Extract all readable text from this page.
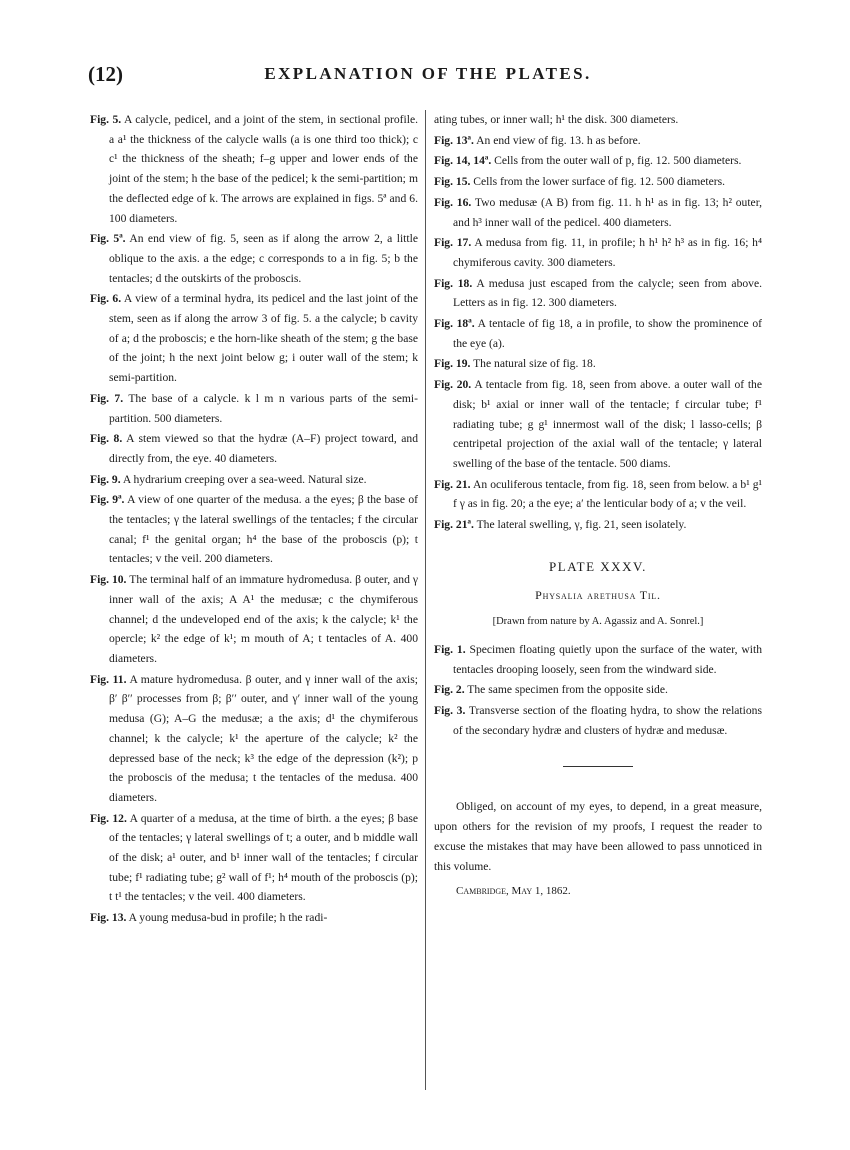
(12)	EXPLANATION OF THE PLATES.

Fig. 5. A calycle, pedicel, and a joint of the stem, in sectional profile. a a¹ the thickness of the calycle walls (a is one third too thick); c c¹ the thickness of the sheath; f–g upper and lower ends of the joint of the stem; h the base of the pedicel; k the semi-partition; m the deflected edge of k. The arrows are explained in figs. 5ª and 6. 100 diameters.

Fig. 5ª. An end view of fig. 5, seen as if along the arrow 2, a little oblique to the axis. a the edge; c corresponds to a in fig. 5; b the tentacles; d the outskirts of the proboscis.

Fig. 6. A view of a terminal hydra, its pedicel and the last joint of the stem, seen as if along the arrow 3 of fig. 5. a the calycle; b cavity of a; d the proboscis; e the horn-like sheath of the stem; g the base of the joint; h the next joint below g; i outer wall of the stem; k semi-partition.

Fig. 7. The base of a calycle. k l m n various parts of the semi-partition. 500 diameters.

Fig. 8. A stem viewed so that the hydræ (A–F) project toward, and directly from, the eye. 40 diameters.

Fig. 9. A hydrarium creeping over a sea-weed. Natural size.

Fig. 9ª. A view of one quarter of the medusa. a the eyes; β the base of the tentacles; γ the lateral swellings of the tentacles; f the circular canal; f¹ the genital organ; h⁴ the base of the proboscis (p); t tentacles; v the veil. 200 diameters.

Fig. 10. The terminal half of an immature hydromedusa. β outer, and γ inner wall of the axis; A A¹ the medusæ; c the chymiferous channel; d the undeveloped end of the axis; k the calycle; k¹ the opercle; k² the edge of k¹; m mouth of A; t tentacles of A. 400 diameters.

Fig. 11. A mature hydromedusa. β outer, and γ inner wall of the axis; β′ β′′ processes from β; β′′ outer, and γ′ inner wall of the young medusa (G); A–G the medusæ; a the axis; d¹ the chymiferous channel; k the calycle; k¹ the aperture of the calycle; k² the depressed base of the neck; k³ the edge of the depression (k²); p the proboscis of the medusa; t the tentacles of the medusa. 400 diameters.

Fig. 12. A quarter of a medusa, at the time of birth. a the eyes; β base of the tentacles; γ lateral swellings of t; a outer, and b middle wall of the disk; a¹ outer, and b¹ inner wall of the tentacles; f circular tube; f¹ radiating tube; g² wall of f¹; h⁴ mouth of the proboscis (p); t t¹ the tentacles; v the veil. 400 diameters.

Fig. 13. A young medusa-bud in profile; h the radi-

ating tubes, or inner wall; h¹ the disk. 300 diameters.

Fig. 13ª. An end view of fig. 13. h as before.

Fig. 14, 14ª. Cells from the outer wall of p, fig. 12. 500 diameters.

Fig. 15. Cells from the lower surface of fig. 12. 500 diameters.

Fig. 16. Two medusæ (A B) from fig. 11. h h¹ as in fig. 13; h² outer, and h³ inner wall of the pedicel. 400 diameters.

Fig. 17. A medusa from fig. 11, in profile; h h¹ h² h³ as in fig. 16; h⁴ chymiferous cavity. 300 diameters.

Fig. 18. A medusa just escaped from the calycle; seen from above. Letters as in fig. 12. 300 diameters.

Fig. 18ª. A tentacle of fig 18, a in profile, to show the prominence of the eye (a).

Fig. 19. The natural size of fig. 18.

Fig. 20. A tentacle from fig. 18, seen from above. a outer wall of the disk; b¹ axial or inner wall of the tentacle; f circular tube; f¹ radiating tube; g g¹ innermost wall of the disk; l lasso-cells; β centripetal projection of the axial wall of the tentacle; γ lateral swelling of the base of the tentacle. 500 diams.

Fig. 21. An oculiferous tentacle, from fig. 18, seen from below. a b¹ g¹ f γ as in fig. 20; a the eye; a′ the lenticular body of a; v the veil.

Fig. 21ª. The lateral swelling, γ, fig. 21, seen isolately.

PLATE XXXV.
Physalia arethusa Til.
[Drawn from nature by A. Agassiz and A. Sonrel.]

Fig. 1. Specimen floating quietly upon the surface of the water, with tentacles drooping loosely, seen from the windward side.

Fig. 2. The same specimen from the opposite side.

Fig. 3. Transverse section of the floating hydra, to show the relations of the secondary hydræ and clusters of hydræ and medusæ.

Obliged, on account of my eyes, to depend, in a great measure, upon others for the revision of my proofs, I request the reader to excuse the mistakes that may have been allowed to pass unnoticed in this volume.

Cambridge, May 1, 1862.
